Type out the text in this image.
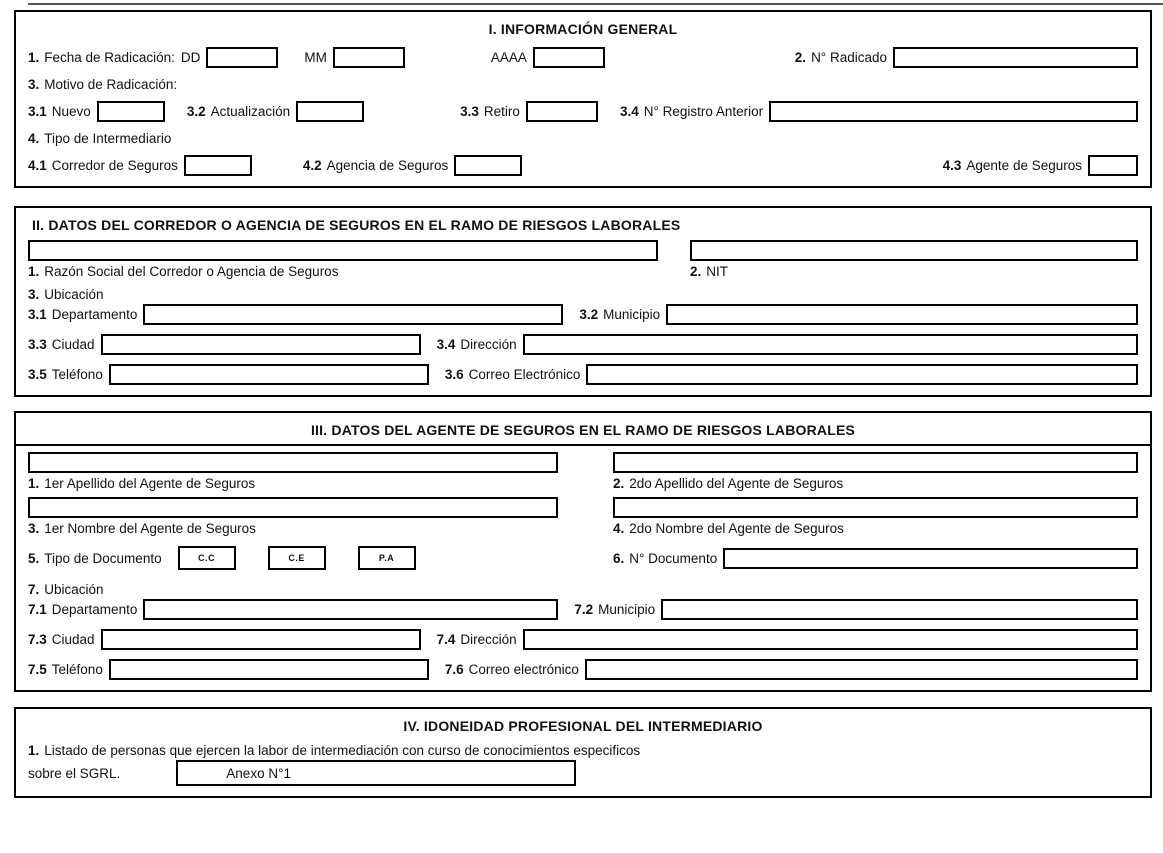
I. INFORMACIÓN GENERAL
1. Fecha de Radicación: DD	MM	AAAA	2. N° Radicado
3. Motivo de Radicación:
3.1 Nuevo	3.2 Actualización	3.3 Retiro	3.4 N° Registro Anterior
4. Tipo de Intermediario
4.1 Corredor de Seguros	4.2 Agencia de Seguros	4.3 Agente de Seguros
II. DATOS DEL CORREDOR O AGENCIA DE SEGUROS EN EL RAMO DE RIESGOS LABORALES
1. Razón Social del Corredor o Agencia de Seguros	2. NIT
3. Ubicación
3.1 Departamento	3.2 Municipio
3.3 Ciudad	3.4 Dirección
3.5 Teléfono	3.6 Correo Electrónico
III. DATOS DEL AGENTE DE SEGUROS EN EL RAMO DE RIESGOS LABORALES
1. 1er Apellido del Agente de Seguros	2. 2do Apellido del Agente de Seguros
3. 1er Nombre del Agente de Seguros	4. 2do Nombre del Agente de Seguros
5. Tipo de Documento	C.C	C.E	P.A	6. N° Documento
7. Ubicación
7.1 Departamento	7.2 Municipio
7.3 Ciudad	7.4 Dirección
7.5 Teléfono	7.6 Correo electrónico
IV. IDONEIDAD PROFESIONAL DEL INTERMEDIARIO
1. Listado de personas que ejercen la labor de intermediación con curso de conocimientos especificos
sobre el SGRL.	Anexo N°1
